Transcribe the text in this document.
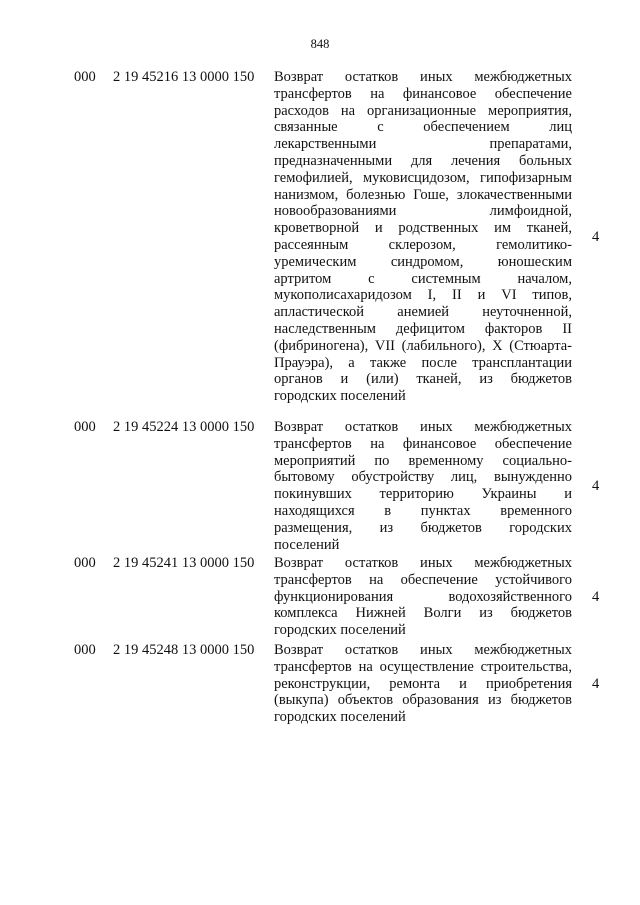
848
000 2 19 45216 13 0000 150 Возврат остатков иных межбюджетных
трансфертов на финансовое обеспечение
расходов на организационные мероприятия,
связанные с обеспечением лиц
лекарственными препаратами,
предназначенными для лечения больных
гемофилией, муковисцидозом, гипофизарным
нанизмом, болезнью Гоше, злокачественными
новообразованиями лимфоидной,
кроветворной и родственных им тканей,
рассеянным склерозом, гемолитико-
уремическим синдромом, юношеским
артритом с системным началом,
мукополисахаридозом I, II и VI типов,
апластической анемией неуточненной,
наследственным дефицитом факторов II
(фибриногена), VII (лабильного), X (Стюарта-
Прауэра), а также после трансплантации
органов и (или) тканей, из бюджетов
городских поселений
4
000 2 19 45224 13 0000 150 Возврат остатков иных межбюджетных
трансфертов на финансовое обеспечение
мероприятий по временному социально-
бытовому обустройству лиц, вынужденно
покинувших территорию Украины и
находящихся в пунктах временного
размещения, из бюджетов городских
поселений
4
000 2 19 45241 13 0000 150 Возврат остатков иных межбюджетных
трансфертов на обеспечение устойчивого
функционирования водохозяйственного
комплекса Нижней Волги из бюджетов
городских поселений
4
000 2 19 45248 13 0000 150 Возврат остатков иных межбюджетных
трансфертов на осуществление строительства,
реконструкции, ремонта и приобретения
(выкупа) объектов образования из бюджетов
городских поселений
4
